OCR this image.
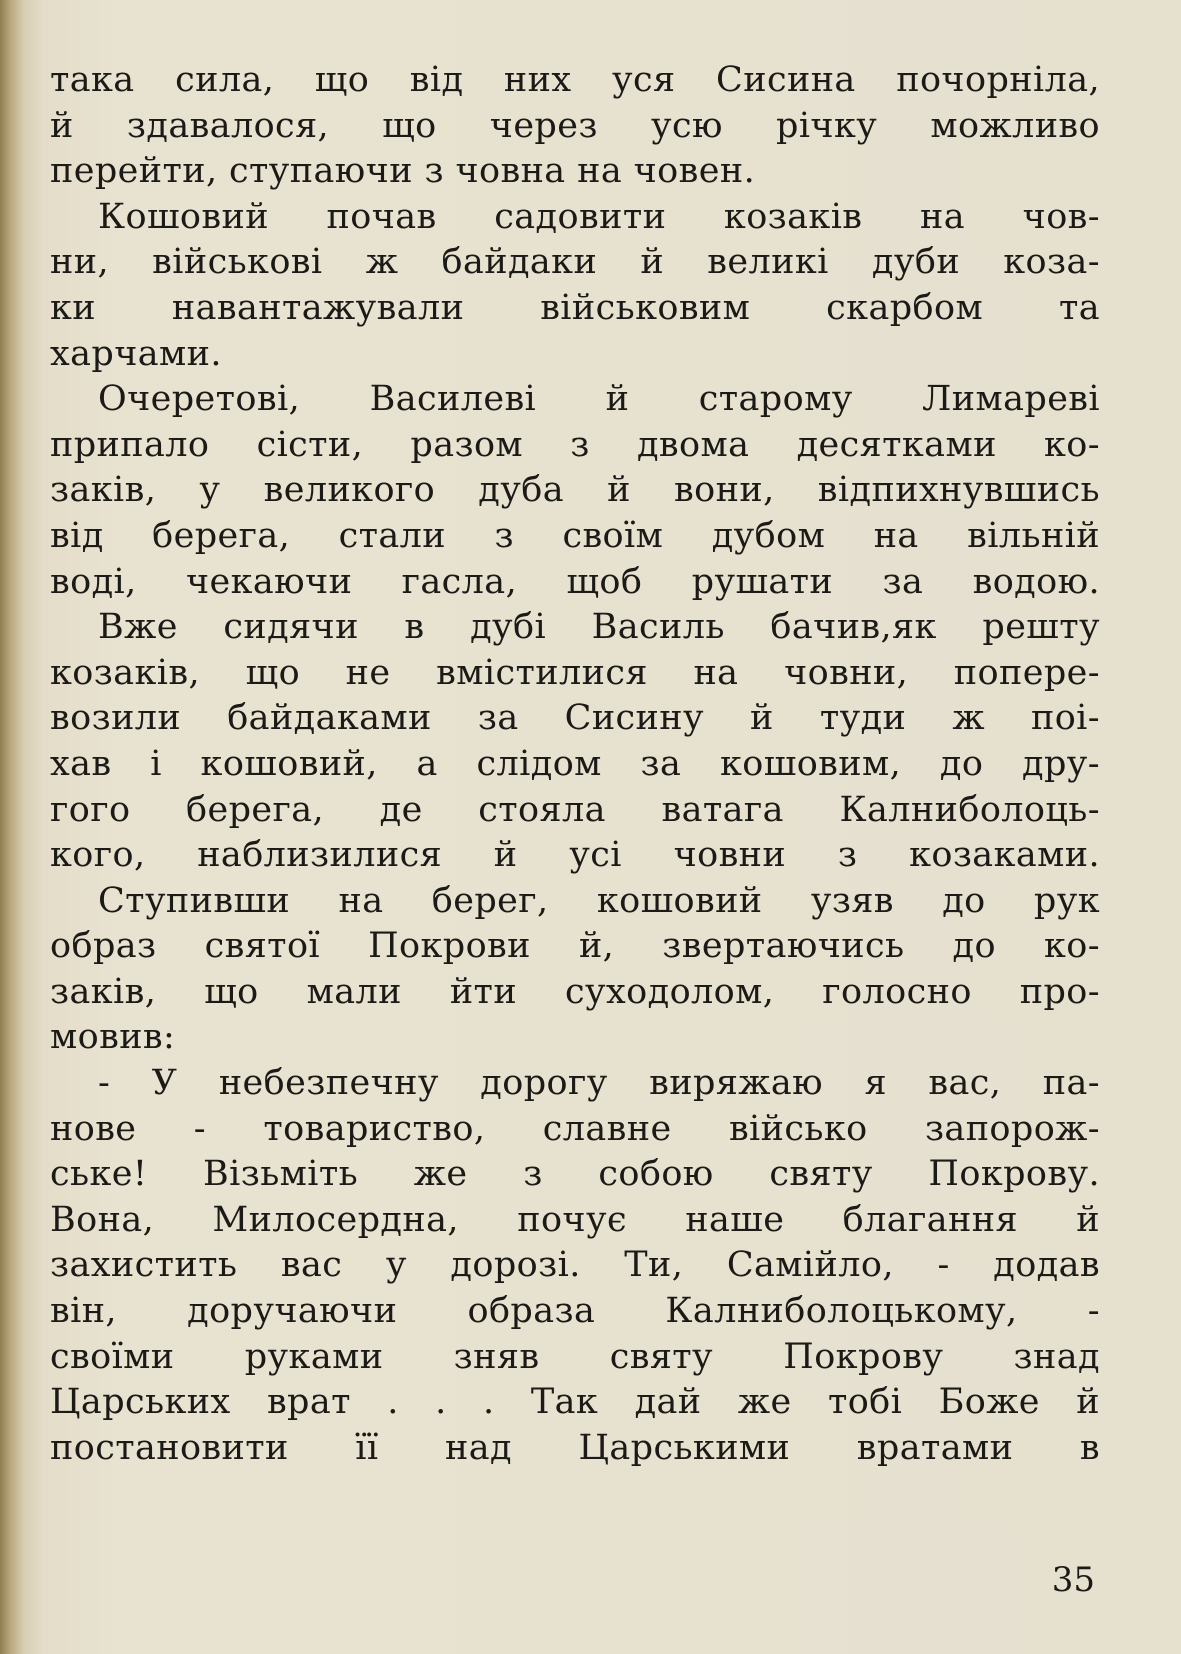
така сила, що від них уся Сисина почорніла,
й здавалося, що через усю річку можливо
перейти, ступаючи з човна на човен.
Кошовий почав садовити козаків на чов-
ни, військові ж байдаки й великі дуби коза-
ки навантажували військовим скарбом та
харчами.
Очеретові, Василеві й старому Лимареві
припало сісти, разом з двома десятками ко-
заків, у великого дуба й вони, відпихнувшись
від берега, стали з своїм дубом на вільній
воді, чекаючи гасла, щоб рушати за водою.
Вже сидячи в дубі Василь бачив,як решту
козаків, що не вмістилися на човни, попере-
возили байдаками за Сисину й туди ж поі-
хав і кошовий, а слідом за кошовим, до дру-
гого берега, де стояла ватага Калниболоць-
кого, наблизилися й усі човни з козаками.
Ступивши на берег, кошовий узяв до рук
образ святої Покрови й, звертаючись до ко-
заків, що мали йти суходолом, голосно про-
мовив:
- У небезпечну дорогу виряжаю я вас, па-
нове - товариство, славне військо запорож-
ське! Візьміть же з собою святу Покрову.
Вона, Милосердна, почує наше благання й
захистить вас у дорозі. Ти, Самійло, - додав
він, доручаючи образа Калниболоцькому, -
своїми руками зняв святу Покрову знад
Царських врат . . . Так дай же тобі Боже й
постановити її над Царськими вратами в
35
